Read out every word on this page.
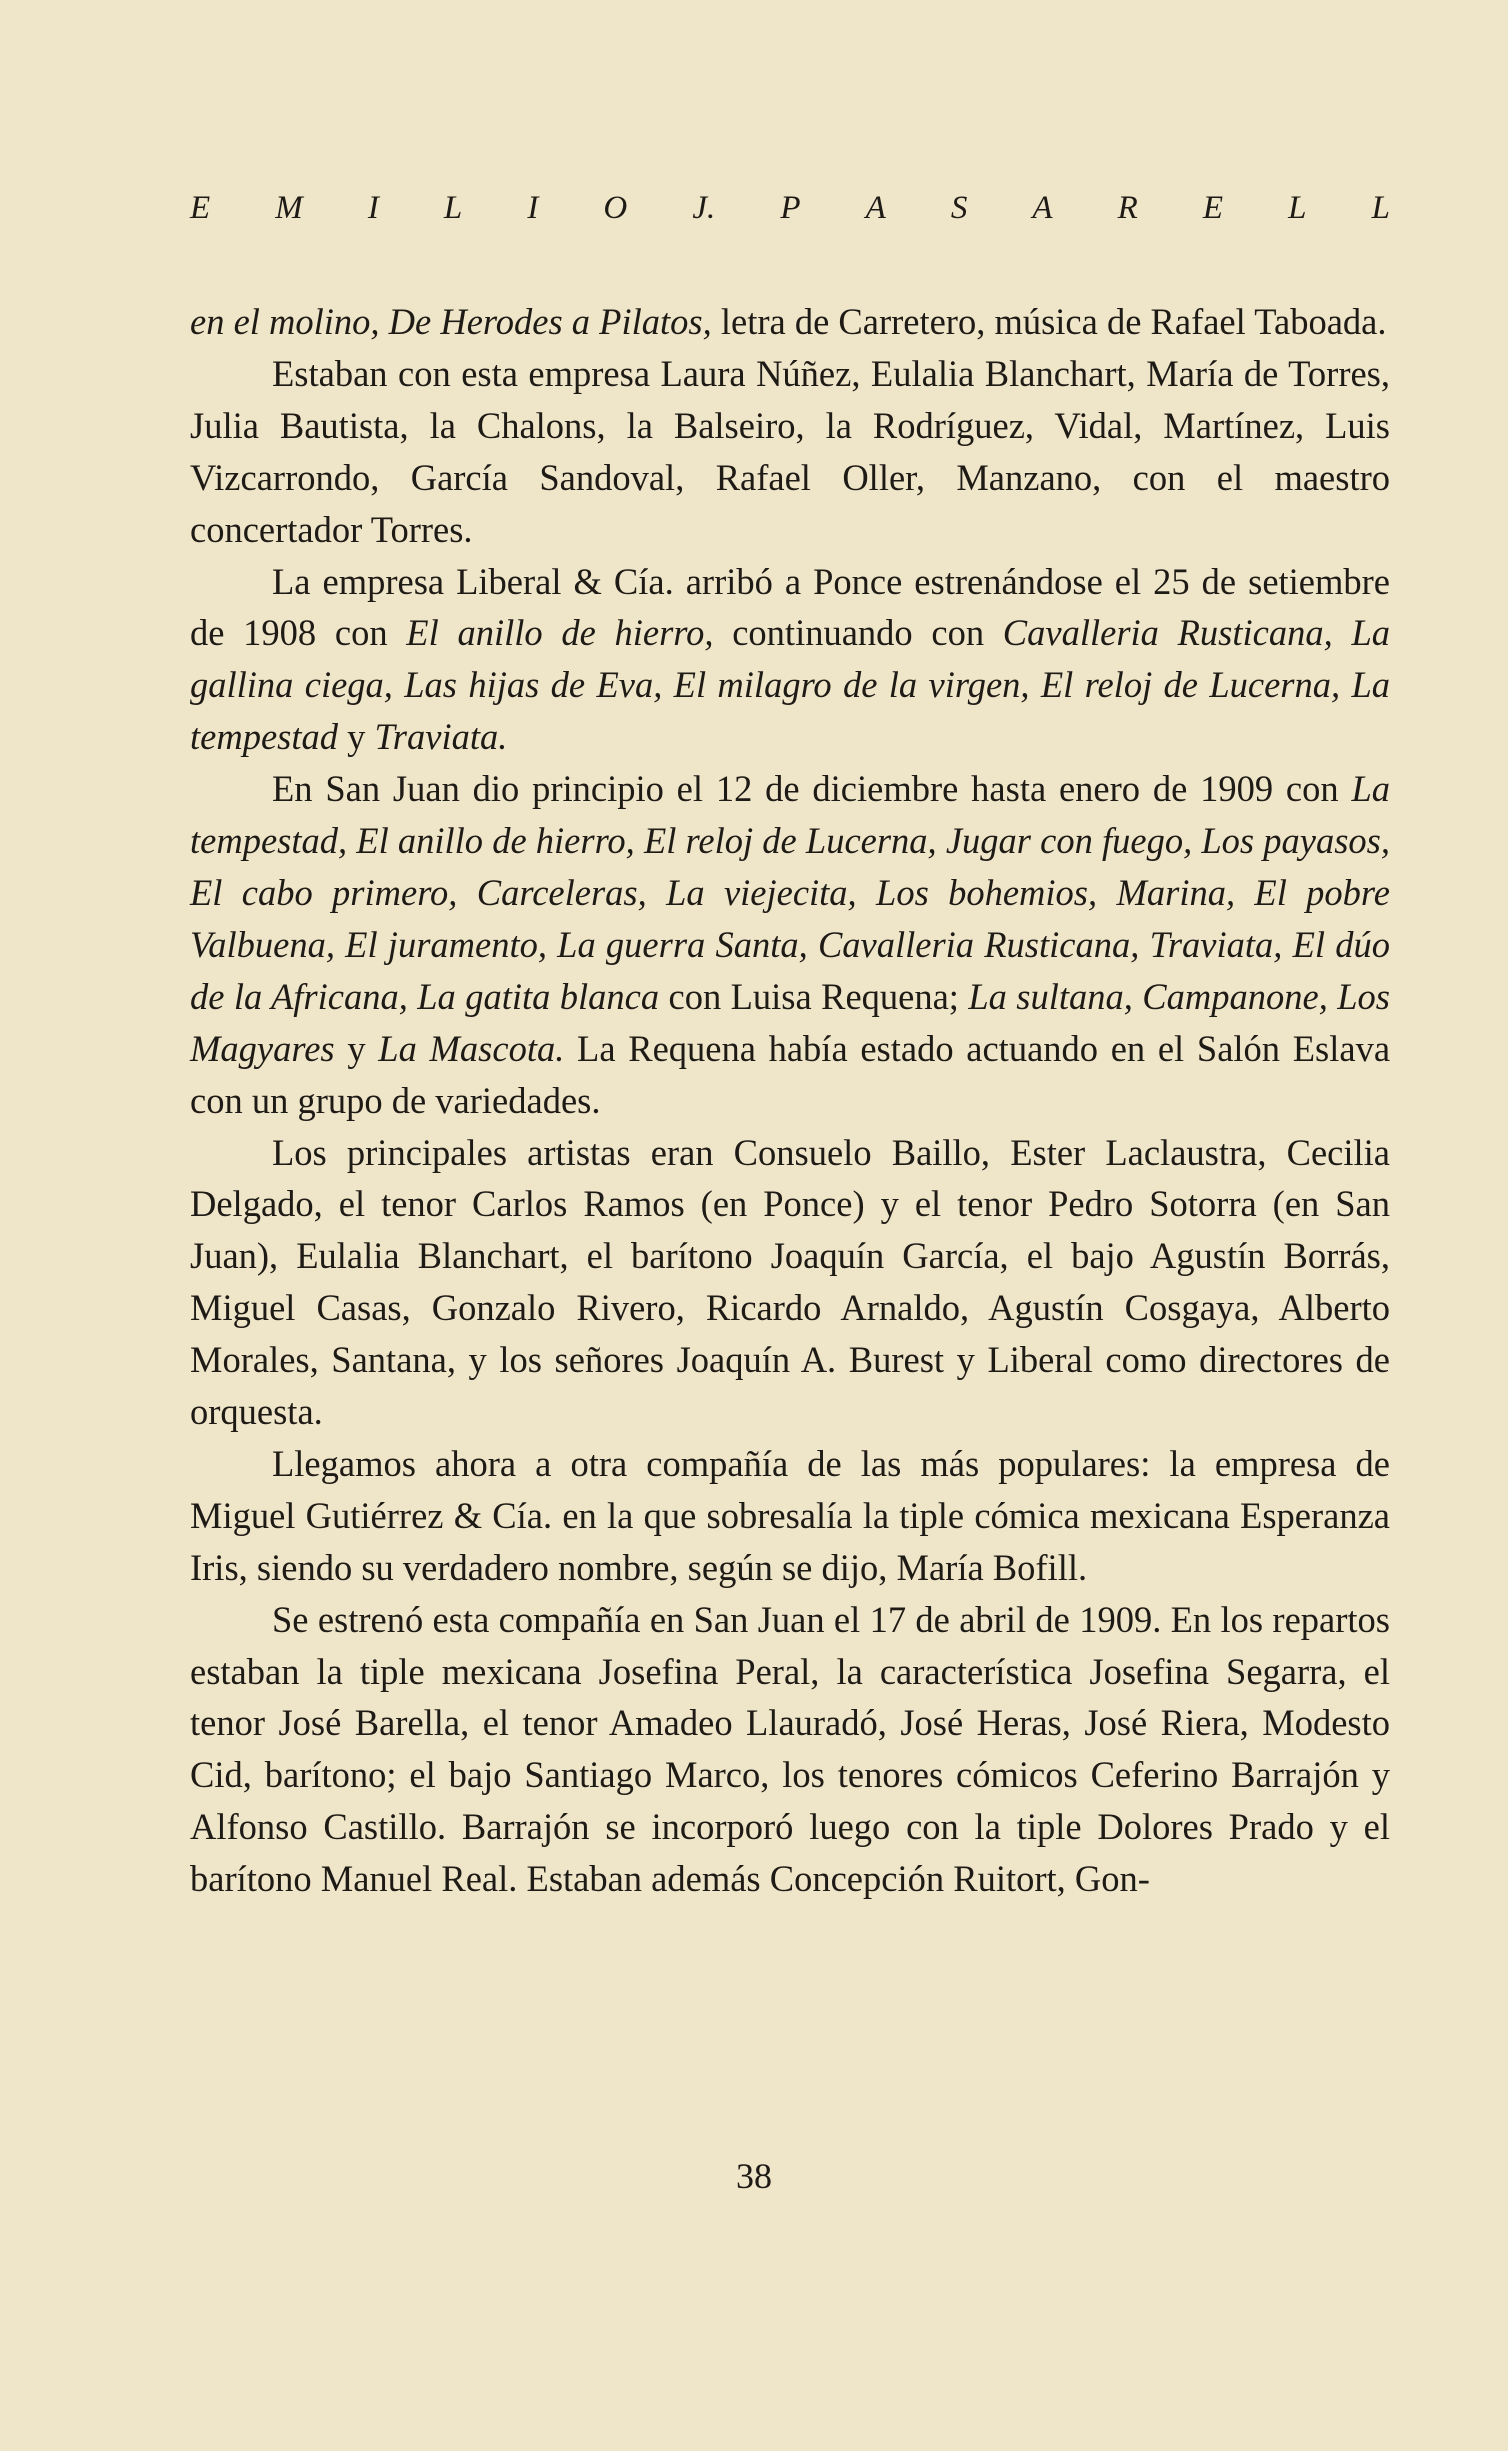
E M I L I O J. P A S A R E L L

en el molino, De Herodes a Pilatos, letra de Carretero, música de Rafael Taboada.

Estaban con esta empresa Laura Núñez, Eulalia Blanchart, María de Torres, Julia Bautista, la Chalons, la Balseiro, la Rodríguez, Vidal, Martínez, Luis Vizcarrondo, García Sandoval, Rafael Oller, Manzano, con el maestro concertador Torres.

La empresa Liberal & Cía. arribó a Ponce estrenándose el 25 de setiembre de 1908 con El anillo de hierro, continuando con Cavalleria Rusticana, La gallina ciega, Las hijas de Eva, El milagro de la virgen, El reloj de Lucerna, La tempestad y Traviata.

En San Juan dio principio el 12 de diciembre hasta enero de 1909 con La tempestad, El anillo de hierro, El reloj de Lucerna, Jugar con fuego, Los payasos, El cabo primero, Carceleras, La viejecita, Los bohemios, Marina, El pobre Valbuena, El juramento, La guerra Santa, Cavalleria Rusticana, Traviata, El dúo de la Africana, La gatita blanca con Luisa Requena; La sultana, Campanone, Los Magyares y La Mascota. La Requena había estado actuando en el Salón Eslava con un grupo de variedades.

Los principales artistas eran Consuelo Baillo, Ester Laclaustra, Cecilia Delgado, el tenor Carlos Ramos (en Ponce) y el tenor Pedro Sotorra (en San Juan), Eulalia Blanchart, el barítono Joaquín García, el bajo Agustín Borrás, Miguel Casas, Gonzalo Rivero, Ricardo Arnaldo, Agustín Cosgaya, Alberto Morales, Santana, y los señores Joaquín A. Burest y Liberal como directores de orquesta.

Llegamos ahora a otra compañía de las más populares: la empresa de Miguel Gutiérrez & Cía. en la que sobresalía la tiple cómica mexicana Esperanza Iris, siendo su verdadero nombre, según se dijo, María Bofill.

Se estrenó esta compañía en San Juan el 17 de abril de 1909. En los repartos estaban la tiple mexicana Josefina Peral, la característica Josefina Segarra, el tenor José Barella, el tenor Amadeo Llauradó, José Heras, José Riera, Modesto Cid, barítono; el bajo Santiago Marco, los tenores cómicos Ceferino Barrajón y Alfonso Castillo. Barrajón se incorporó luego con la tiple Dolores Prado y el barítono Manuel Real. Estaban además Concepción Ruitort, Gon-

38
